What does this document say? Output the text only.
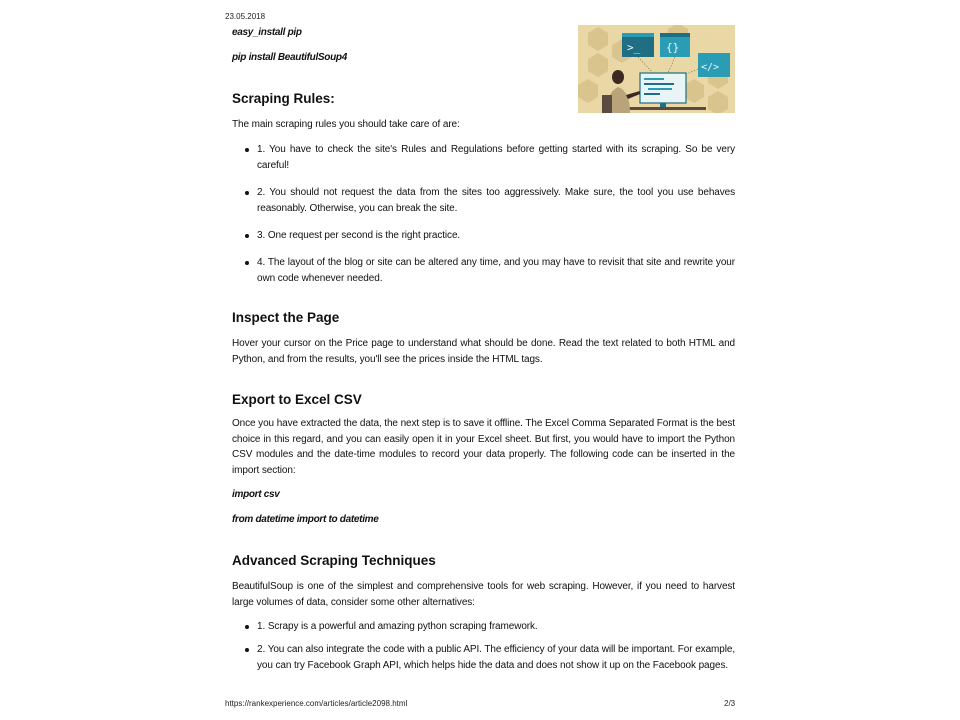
23.05.2018
easy_install pip
pip install BeautifulSoup4
Scraping Rules:

The main scraping rules you should take care of are:

1. You have to check the site's Rules and Regulations before getting started with its scraping. So be very careful!

2. You should not request the data from the sites too aggressively. Make sure, the tool you use behaves reasonably. Otherwise, you can break the site.

3. One request per second is the right practice.

4. The layout of the blog or site can be altered any time, and you may have to revisit that site and rewrite your own code whenever needed.

Inspect the Page

Hover your cursor on the Price page to understand what should be done. Read the text related to both HTML and Python, and from the results, you'll see the prices inside the HTML tags.

Export to Excel CSV

Once you have extracted the data, the next step is to save it offline. The Excel Comma Separated Format is the best choice in this regard, and you can easily open it in your Excel sheet. But first, you would have to import the Python CSV modules and the date-time modules to record your data properly. The following code can be inserted in the import section:

import csv
from datetime import to datetime
Advanced Scraping Techniques

BeautifulSoup is one of the simplest and comprehensive tools for web scraping. However, if you need to harvest large volumes of data, consider some other alternatives:

1. Scrapy is a powerful and amazing python scraping framework.

2. You can also integrate the code with a public API. The efficiency of your data will be important. For example, you can try Facebook Graph API, which helps hide the data and does not show it up on the Facebook pages.

>_ {}
</>
https://rankexperience.com/articles/article2098.html	2/3
